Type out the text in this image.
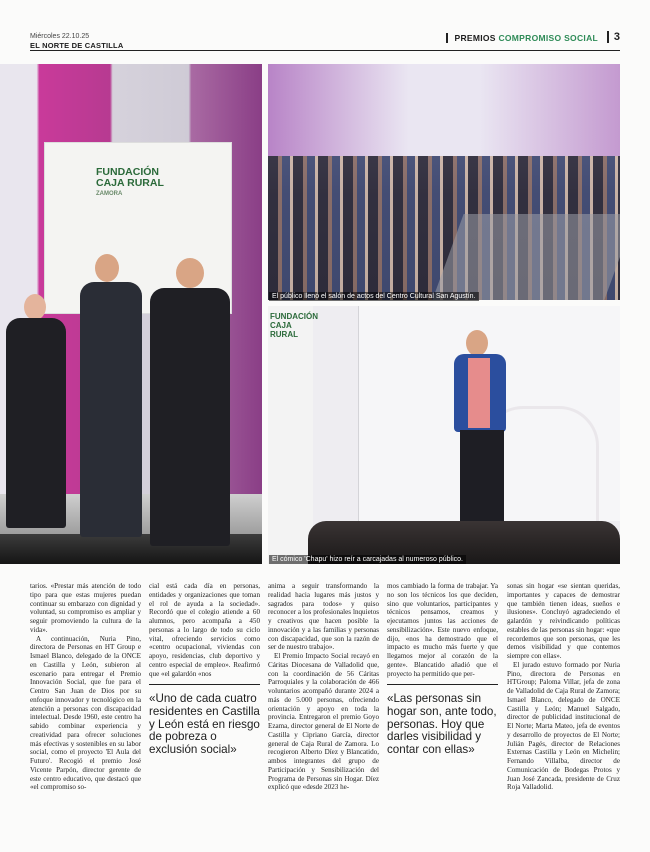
Miércoles 22.10.25
EL NORTE DE CASTILLA
PREMIOS COMPROMISO SOCIAL	3
FUNDACIÓN CAJA RURAL
ZAMORA
El público llenó el salón de actos del Centro Cultural San Agustín.
FUNDACIÓN CAJA RURAL
El cómico 'Chapu' hizo reír a carcajadas al numeroso público.

tarios. «Prestar más atención de todo tipo para que estas mujeres puedan continuar su embarazo con dignidad y voluntad, su compromiso es ampliar y seguir promoviendo la cultura de la vida».

A continuación, Nuria Pino, directora de Personas en HT Group e Ismael Blanco, delegado de la ONCE en Castilla y León, subieron al escenario para entregar el Premio Innovación Social, que fue para el Centro San Juan de Dios por su enfoque innovador y tecnológico en la atención a personas con discapacidad intelectual. Desde 1960, este centro ha sabido combinar experiencia y creatividad para ofrecer soluciones más efectivas y sostenibles en su labor social, como el proyecto 'El Aula del Futuro'. Recogió el premio José Vicente Parpón, director gerente de este centro educativo, que destacó que «el compromiso so-

cial está cada día en personas, entidades y organizaciones que toman el rol de ayuda a la sociedad». Recordó que el colegio atiende a 60 alumnos, pero acompaña a 450 personas a lo largo de todo su ciclo vital, ofreciendo servicios como «centro ocupacional, viviendas con apoyo, residencias, club deportivo y centro especial de empleo». Reafirmó que «el galardón «nos

«Uno de cada cuatro residentes en Castilla y León está en riesgo de pobreza o exclusión social»

anima a seguir transformando la realidad hacia lugares más justos y sagrados para todos» y quiso reconocer a los profesionales lnquietos y creativos que hacen posible la innovación y a las familias y personas con discapacidad, que son la razón de ser de nuestro trabajo».

El Premio Impacto Social recayó en Cáritas Diocesana de Valladolid que, con la coordinación de 56 Cáritas Parroquiales y la colaboración de 466 voluntarios acompañó durante 2024 a más de 5.000 personas, ofreciendo orientación y apoyo en toda la provincia. Entregaron el premio Goyo Ezama, director general de El Norte de Castilla y Cipriano García, director general de Caja Rural de Zamora. Lo recogieron Alberto Díez y Blancatido, ambos integrantes del grupo de Participación y Sensibilización del Programa de Personas sin Hogar. Díez explicó que «desde 2023 he-

mos cambiado la forma de trabajar. Ya no son los técnicos los que deciden, sino que voluntarios, participantes y técnicos pensamos, creamos y ejecutamos juntos las acciones de sensibilización». Este nuevo enfoque, dijo, «nos ha demostrado que el impacto es mucho más fuerte y que llegamos mejor al corazón de la gente». Blancatido añadió que el proyecto ha permitido que per-

«Las personas sin hogar son, ante todo, personas. Hoy que darles visibilidad y contar con ellas»

sonas sin hogar «se sientan queridas, importantes y capaces de demostrar que también tienen ideas, sueños e ilusiones». Concluyó agradeciendo el galardón y reivindicando políticas estables de las personas sin hogar: «que recordemos que son personas, que les demos visibilidad y que contemos siempre con ellas».

El jurado estuvo formado por Nuria Pino, directora de Personas en HTGroup; Paloma Villar, jefa de zona de Valladolid de Caja Rural de Zamora; Ismael Blanco, delegado de ONCE Castilla y León; Manuel Salgado, director de publicidad institucional de El Norte; Marta Mateo, jefa de eventos y desarrollo de proyectos de El Norte; Julián Pagés, director de Relaciones Externas Castilla y León en Michelin; Fernando Villalba, director de Comunicación de Bodegas Protos y Juan José Zancada, presidente de Cruz Roja Valladolid.
